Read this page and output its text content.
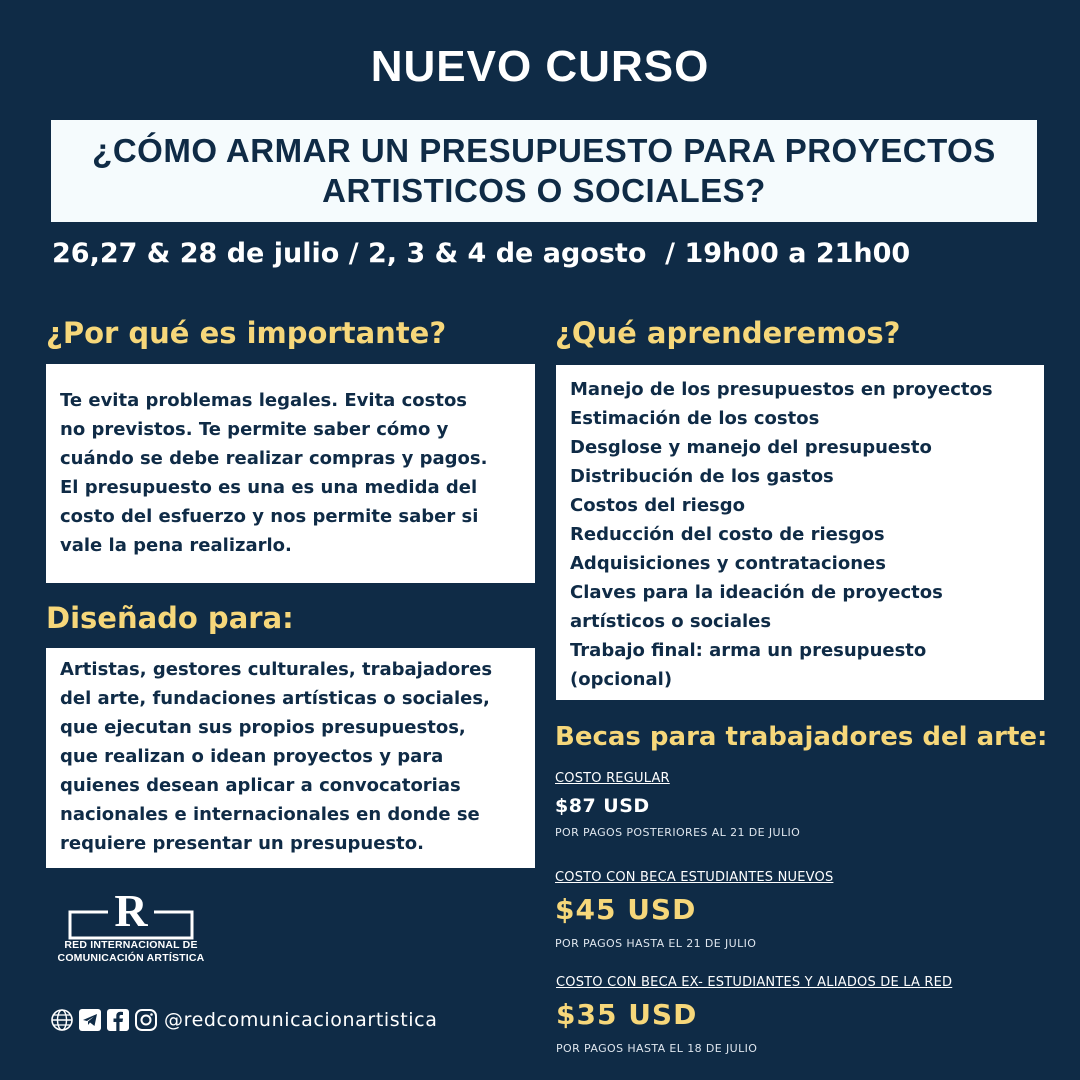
NUEVO CURSO
¿CÓMO ARMAR UN PRESUPUESTO PARA PROYECTOS
ARTISTICOS O SOCIALES?
26,27 & 28 de julio / 2, 3 & 4 de agosto  / 19h00 a 21h00
¿Por qué es importante?

Te evita problemas legales. Evita costos

no previstos. Te permite saber cómo y

cuándo se debe realizar compras y pagos.

El presupuesto es una es una medida del

costo del esfuerzo y nos permite saber si

vale la pena realizarlo.

Diseñado para:

Artistas, gestores culturales, trabajadores

del arte, fundaciones artísticas o sociales,

que ejecutan sus propios presupuestos,

que realizan o idean proyectos y para

quienes desean aplicar a convocatorias

nacionales e internacionales en donde se

requiere presentar un presupuesto.

¿Qué aprenderemos?
Manejo de los presupuestos en proyectos
Estimación de los costos
Desglose y manejo del presupuesto
Distribución de los gastos
Costos del riesgo
Reducción del costo de riesgos
Adquisiciones y contrataciones
Claves para la ideación de proyectos
artísticos o sociales
Trabajo final: arma un presupuesto
(opcional)
Becas para trabajadores del arte:
COSTO REGULAR
$87 USD
POR PAGOS POSTERIORES AL 21 DE JULIO
COSTO CON BECA ESTUDIANTES NUEVOS
$45 USD
POR PAGOS HASTA EL 21 DE JULIO
COSTO CON BECA EX- ESTUDIANTES Y ALIADOS DE LA RED
$35 USD
POR PAGOS HASTA EL 18 DE JULIO
R
RED INTERNACIONAL DE
COMUNICACIÓN ARTÍSTICA
@redcomunicacionartistica
